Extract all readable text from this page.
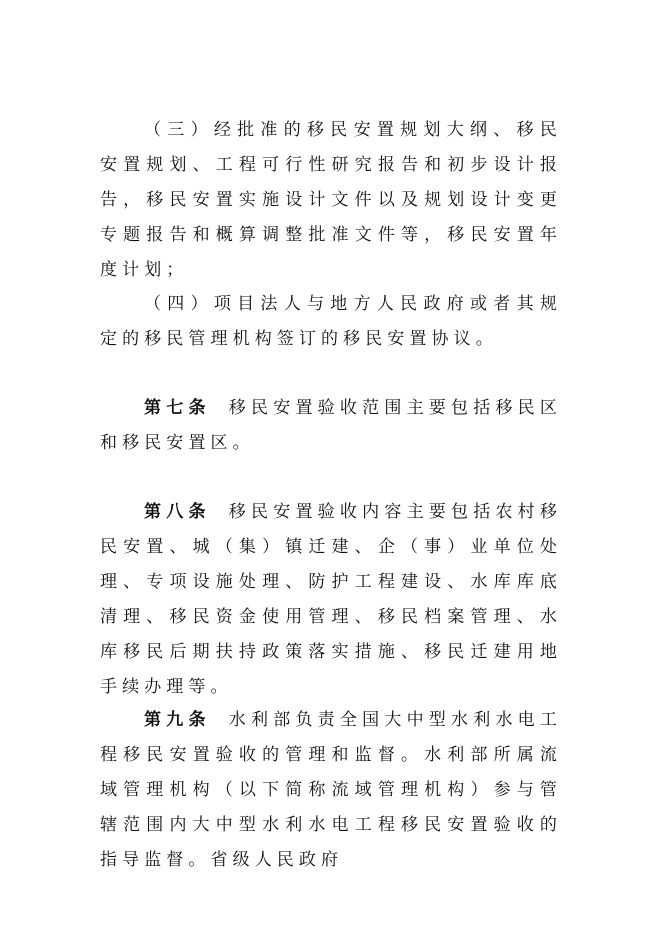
（三）经批准的移民安置规划大纲、移民安置规划、工程可行性研究报告和初步设计报告，移民安置实施设计文件以及规划设计变更专题报告和概算调整批准文件等，移民安置年度计划；

（四）项目法人与地方人民政府或者其规定的移民管理机构签订的移民安置协议。

第七条 移民安置验收范围主要包括移民区和移民安置区。

第八条 移民安置验收内容主要包括农村移民安置、城（集）镇迁建、企（事）业单位处理、专项设施处理、防护工程建设、水库库底清理、移民资金使用管理、移民档案管理、水库移民后期扶持政策落实措施、移民迁建用地手续办理等。

第九条 水利部负责全国大中型水利水电工程移民安置验收的管理和监督。水利部所属流域管理机构（以下简称流域管理机构）参与管辖范围内大中型水利水电工程移民安置验收的指导监督。省级人民政府
